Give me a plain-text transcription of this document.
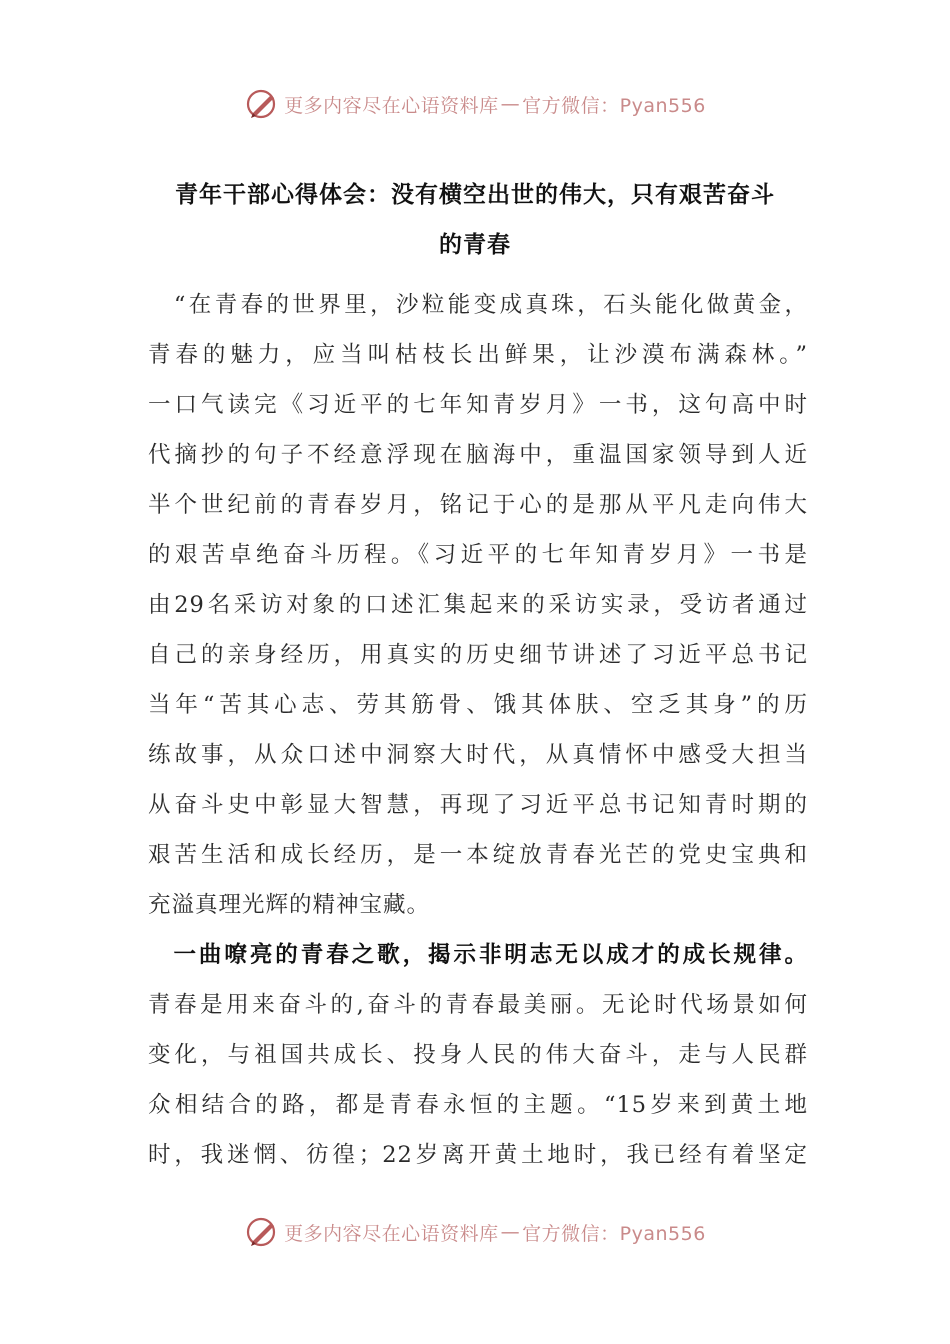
更多内容尽在心语资料库 — 官方微信：Pyan556
青年干部心得体会：没有横空出世的伟大，只有艰苦奋斗
的青春
　“在青春的世界里，沙粒能变成真珠，石头能化做黄金，
青春的魅力，应当叫枯枝长出鲜果，让沙漠布满森林。”
一口气读完《习近平的七年知青岁月》一书，这句高中时
代摘抄的句子不经意浮现在脑海中，重温国家领导到人近
半个世纪前的青春岁月，铭记于心的是那从平凡走向伟大
的艰苦卓绝奋斗历程。《习近平的七年知青岁月》一书是
由29名采访对象的口述汇集起来的采访实录，受访者通过
自己的亲身经历，用真实的历史细节讲述了习近平总书记
当年“苦其心志、劳其筋骨、饿其体肤、空乏其身”的历
练故事，从众口述中洞察大时代，从真情怀中感受大担当
从奋斗史中彰显大智慧，再现了习近平总书记知青时期的
艰苦生活和成长经历，是一本绽放青春光芒的党史宝典和
充溢真理光辉的精神宝藏。
　一曲嘹亮的青春之歌，揭示非明志无以成才的成长规律。
青春是用来奋斗的,奋斗的青春最美丽。无论时代场景如何
变化，与祖国共成长、投身人民的伟大奋斗，走与人民群
众相结合的路，都是青春永恒的主题。“15岁来到黄土地
时，我迷惘、彷徨；22岁离开黄土地时，我已经有着坚定
更多内容尽在心语资料库 — 官方微信：Pyan556
